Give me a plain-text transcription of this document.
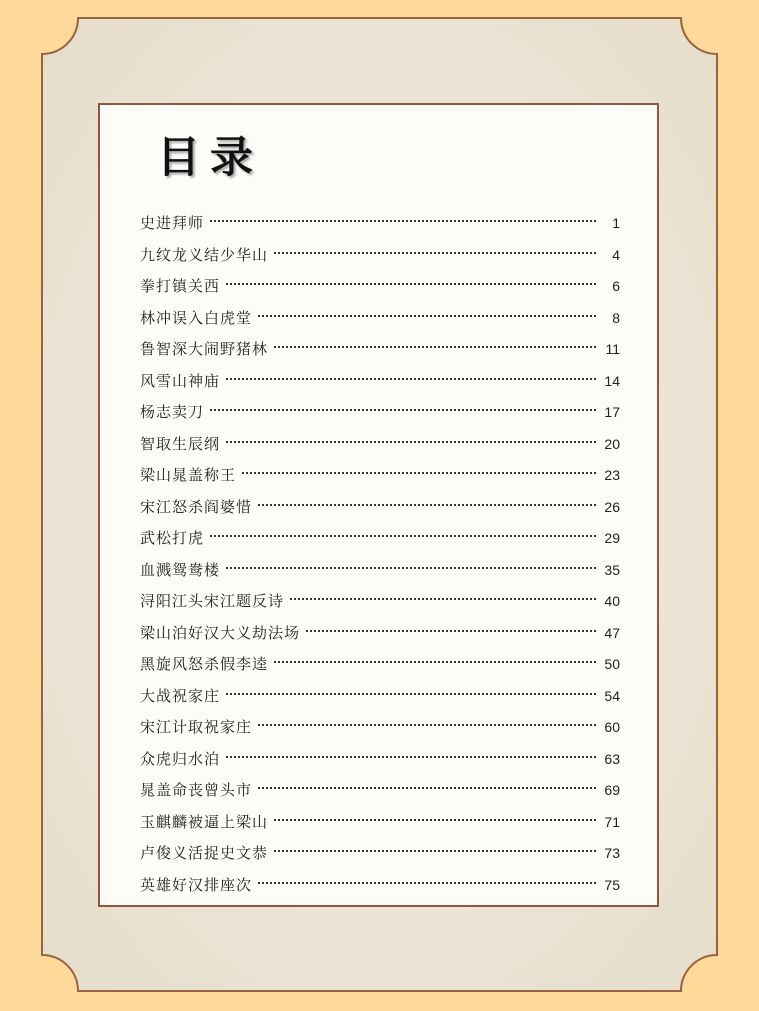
目录
史进拜师	1
九纹龙义结少华山	4
拳打镇关西	6
林冲误入白虎堂	8
鲁智深大闹野猪林	11
风雪山神庙	14
杨志卖刀	17
智取生辰纲	20
梁山晁盖称王	23
宋江怒杀阎婆惜	26
武松打虎	29
血溅鸳鸯楼	35
浔阳江头宋江题反诗	40
梁山泊好汉大义劫法场	47
黑旋风怒杀假李逵	50
大战祝家庄	54
宋江计取祝家庄	60
众虎归水泊	63
晁盖命丧曾头市	69
玉麒麟被逼上梁山	71
卢俊义活捉史文恭	73
英雄好汉排座次	75
